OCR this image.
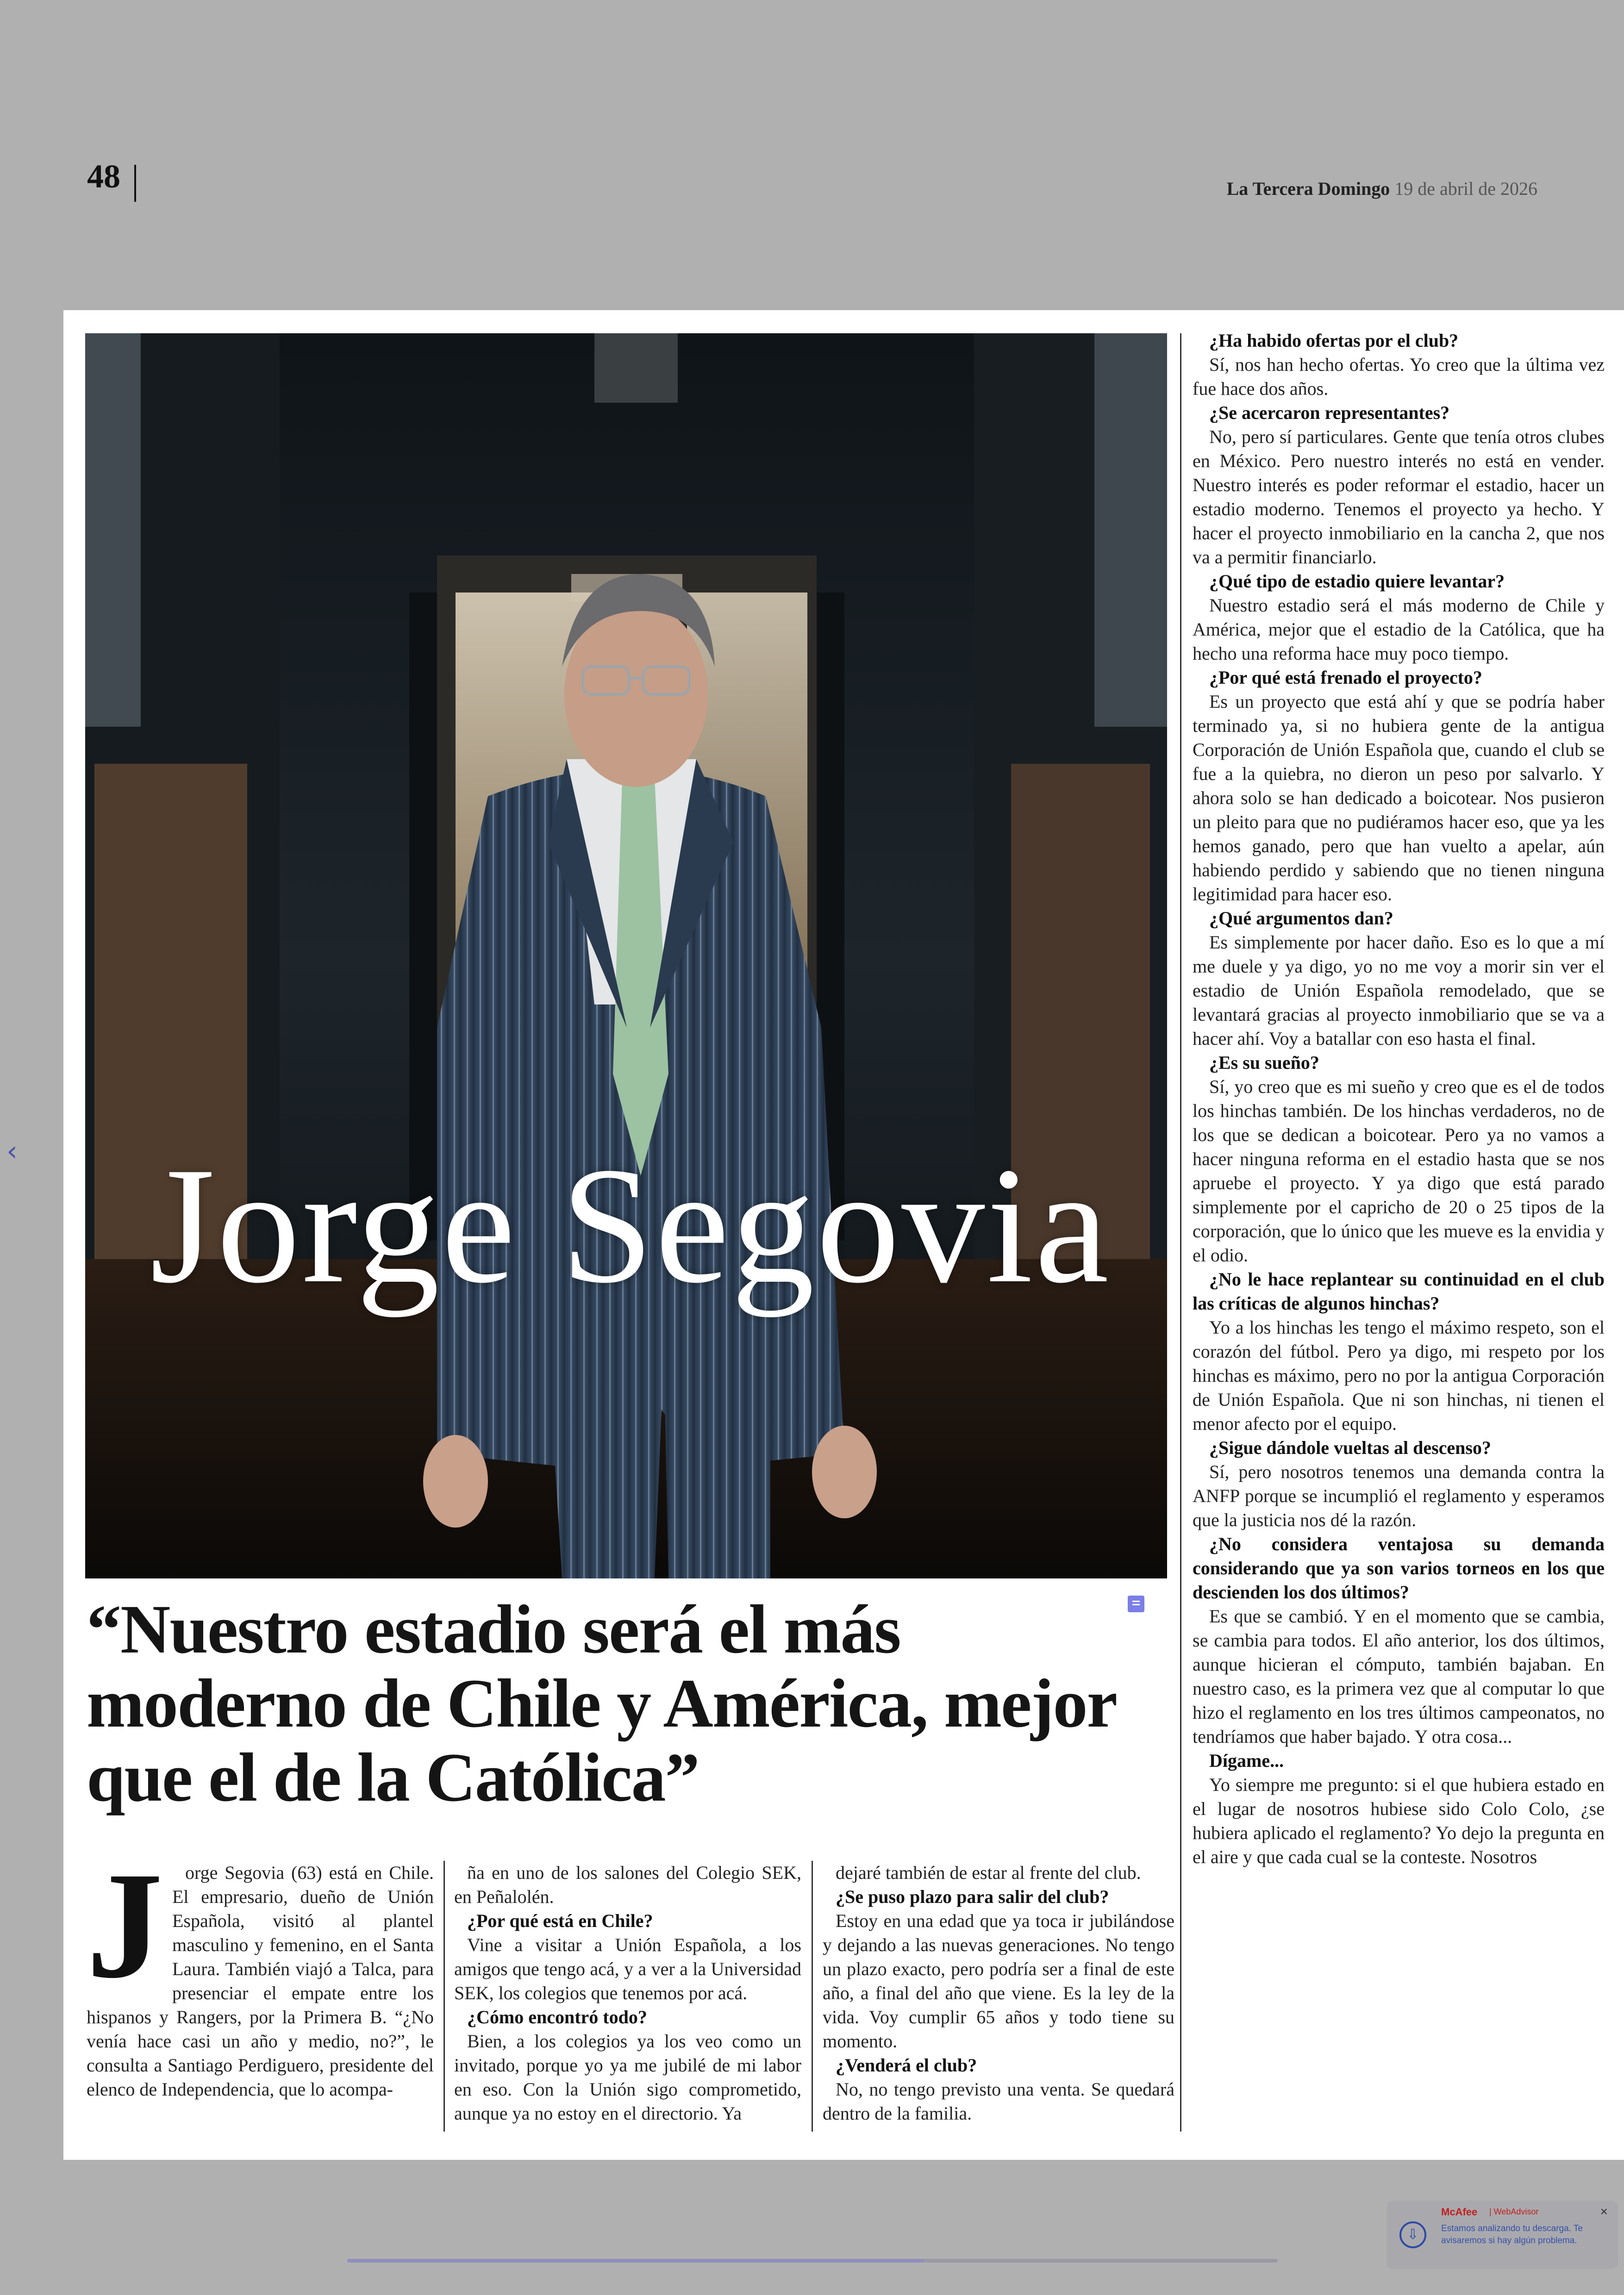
48	La Tercera Domingo 19 de abril de 2026
‹ Jorge Segovia
“Nuestro estadio será el más moderno de Chile y América, mejor que el de la Católica”
J	orge Segovia (63) está en Chile. El empresario, dueño de Unión Española, visitó al plantel masculino y femenino, en el Santa Laura. También viajó a Talca, para presenciar el empate entre los hispanos y Rangers, por la Primera B. “¿No venía hace casi un año y medio, no?”, le consulta a Santiago Perdiguero, presidente del elenco de Independencia, que lo acompa-

ña en uno de los salones del Colegio SEK, en Peñalolén.

¿Por qué está en Chile?

Vine a visitar a Unión Española, a los amigos que tengo acá, y a ver a la Universidad SEK, los colegios que tenemos por acá.

¿Cómo encontró todo?

Bien, a los colegios ya los veo como un invitado, porque yo ya me jubilé de mi labor en eso. Con la Unión sigo comprometido, aunque ya no estoy en el directorio. Ya

dejaré también de estar al frente del club.

¿Se puso plazo para salir del club?

Estoy en una edad que ya toca ir jubilándose y dejando a las nuevas generaciones. No tengo un plazo exacto, pero podría ser a final de este año, a final del año que viene. Es la ley de la vida. Voy cumplir 65 años y todo tiene su momento.

¿Venderá el club?

No, no tengo previsto una venta. Se quedará dentro de la familia.

¿Ha habido ofertas por el club?

Sí, nos han hecho ofertas. Yo creo que la última vez fue hace dos años.

¿Se acercaron representantes?

No, pero sí particulares. Gente que tenía otros clubes en México. Pero nuestro interés no está en vender. Nuestro interés es poder reformar el estadio, hacer un estadio moderno. Tenemos el proyecto ya hecho. Y hacer el proyecto inmobiliario en la cancha 2, que nos va a permitir financiarlo.

¿Qué tipo de estadio quiere levantar?

Nuestro estadio será el más moderno de Chile y América, mejor que el estadio de la Católica, que ha hecho una reforma hace muy poco tiempo.

¿Por qué está frenado el proyecto?

Es un proyecto que está ahí y que se podría haber terminado ya, si no hubiera gente de la antigua Corporación de Unión Española que, cuando el club se fue a la quiebra, no dieron un peso por salvarlo. Y ahora solo se han dedicado a boicotear. Nos pusieron un pleito para que no pudiéramos hacer eso, que ya les hemos ganado, pero que han vuelto a apelar, aún habiendo perdido y sabiendo que no tienen ninguna legitimidad para hacer eso.

¿Qué argumentos dan?

Es simplemente por hacer daño. Eso es lo que a mí me duele y ya digo, yo no me voy a morir sin ver el estadio de Unión Española remodelado, que se levantará gracias al proyecto inmobiliario que se va a hacer ahí. Voy a batallar con eso hasta el final.

¿Es su sueño?

Sí, yo creo que es mi sueño y creo que es el de todos los hinchas también. De los hinchas verdaderos, no de los que se dedican a boicotear. Pero ya no vamos a hacer ninguna reforma en el estadio hasta que se nos apruebe el proyecto. Y ya digo que está parado simplemente por el capricho de 20 o 25 tipos de la corporación, que lo único que les mueve es la envidia y el odio.

¿No le hace replantear su continuidad en el club las críticas de algunos hinchas?

Yo a los hinchas les tengo el máximo respeto, son el corazón del fútbol. Pero ya digo, mi respeto por los hinchas es máximo, pero no por la antigua Corporación de Unión Española. Que ni son hinchas, ni tienen el menor afecto por el equipo.

¿Sigue dándole vueltas al descenso?

Sí, pero nosotros tenemos una demanda contra la ANFP porque se incumplió el reglamento y esperamos que la justicia nos dé la razón.

¿No considera ventajosa su demanda considerando que ya son varios torneos en los que descienden los dos últimos?

Es que se cambió. Y en el momento que se cambia, se cambia para todos. El año anterior, los dos últimos, aunque hicieran el cómputo, también bajaban. En nuestro caso, es la primera vez que al computar lo que hizo el reglamento en los tres últimos campeonatos, no tendríamos que haber bajado. Y otra cosa...

Dígame...

Yo siempre me pregunto: si el que hubiera estado en el lugar de nosotros hubiese sido Colo Colo, ¿se hubiera aplicado el reglamento? Yo dejo la pregunta en el aire y que cada cual se la conteste. Nosotros

⇩
McAfee | WebAdvisor	×
Estamos analizando tu descarga. Te avisaremos si hay algún problema.
